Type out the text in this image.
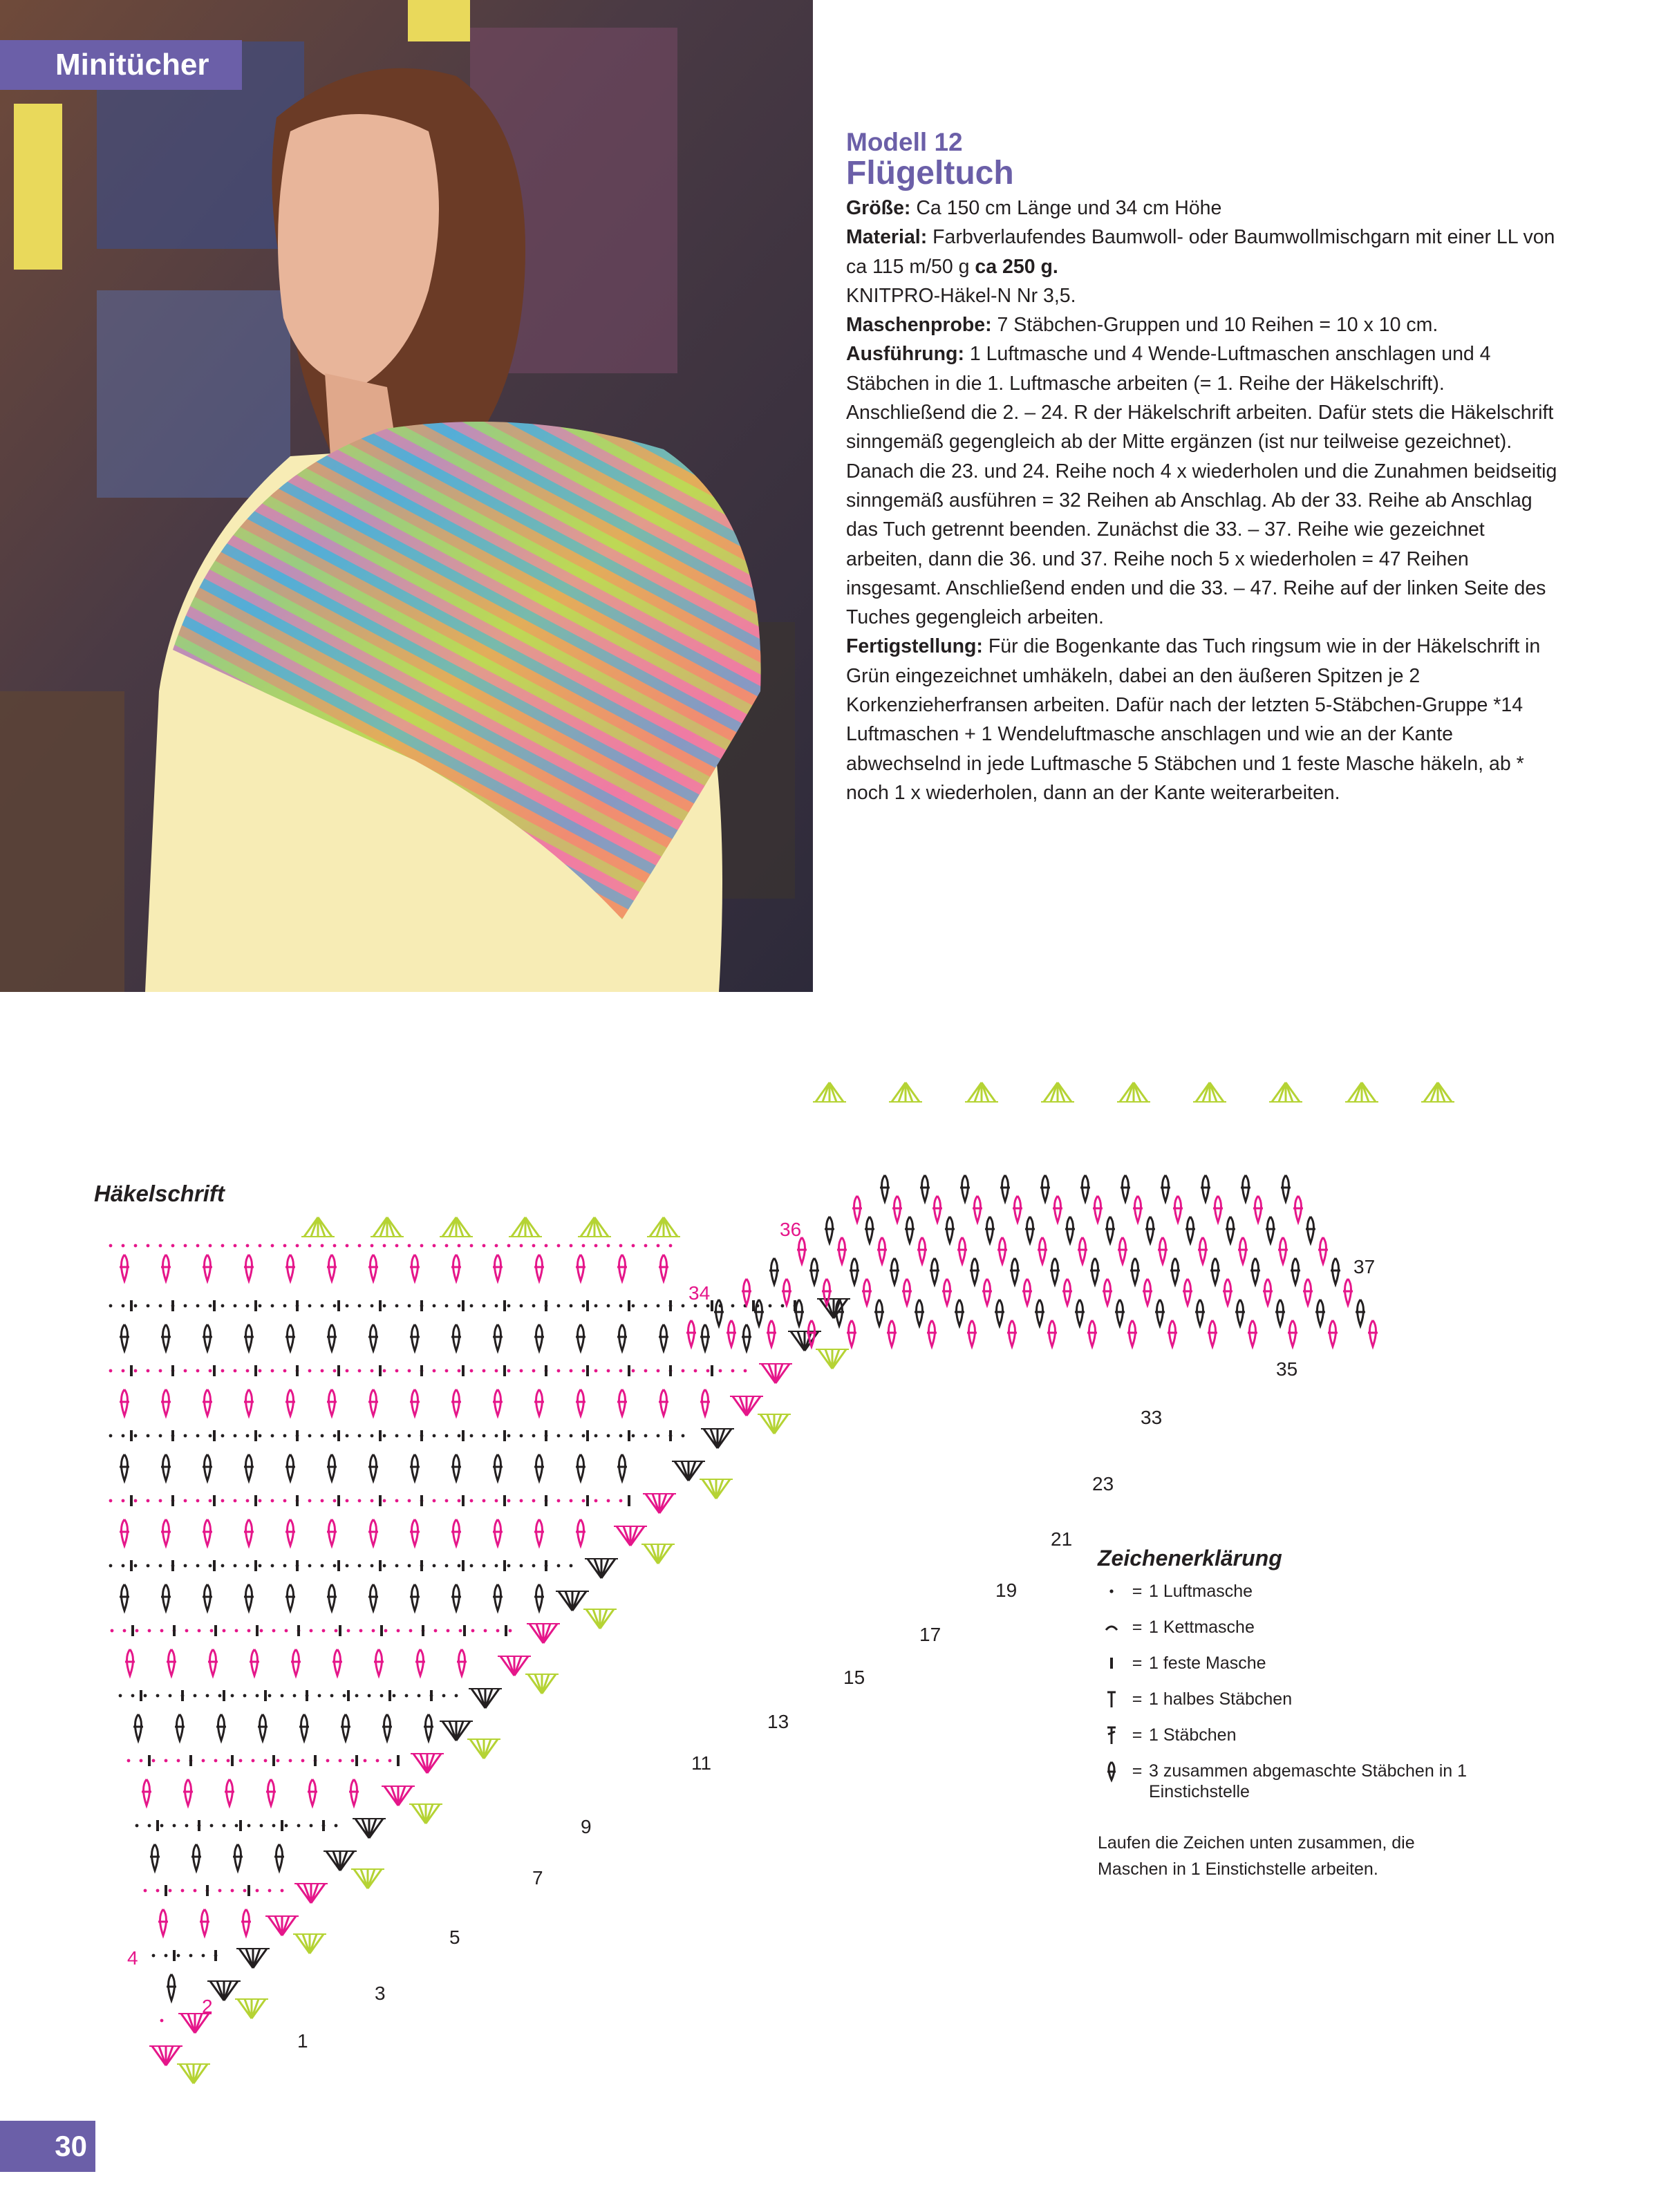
Minitücher
Modell 12
Flügeltuch
Größe: Ca 150 cm Länge und 34 cm Höhe
Material: Farbverlaufendes Baumwoll- oder Baumwollmischgarn mit einer LL von ca 115 m/50 g ca 250 g.
KNITPRO-Häkel-N Nr 3,5.
Maschenprobe: 7 Stäbchen-Gruppen und 10 Reihen = 10 x 10 cm.
Ausführung: 1 Luftmasche und 4 Wende-Luftmaschen anschlagen und 4 Stäbchen in die 1. Luftmasche arbeiten (= 1. Reihe der Häkelschrift). Anschließend die 2. – 24. R der Häkelschrift arbeiten. Dafür stets die Häkelschrift sinngemäß gegengleich ab der Mitte ergänzen (ist nur teilweise gezeichnet). Danach die 23. und 24. Reihe noch 4 x wiederholen und die Zunahmen beidseitig sinngemäß ausführen = 32 Reihen ab Anschlag. Ab der 33. Reihe ab Anschlag das Tuch getrennt beenden. Zunächst die 33. – 37. Reihe wie gezeichnet arbeiten, dann die 36. und 37. Reihe noch 5 x wiederholen = 47 Reihen insgesamt. Anschließend enden und die 33. – 47. Reihe auf der linken Seite des Tuches gegengleich arbeiten.
Fertigstellung: Für die Bogenkante das Tuch ringsum wie in der Häkelschrift in Grün eingezeichnet umhäkeln, dabei an den äußeren Spitzen je 2 Korkenzieherfransen arbeiten. Dafür nach der letzten 5-Stäbchen-Gruppe *14 Luftmaschen + 1 Wendeluftmasche anschlagen und wie an der Kante abwechselnd in jede Luftmasche 5 Stäbchen und 1 feste Masche häkeln, ab * noch 1 x wiederholen, dann an der Kante weiterarbeiten.
Häkelschrift
1
2
3
4
5
7
9
11
13
15
17
19
21
23
33
34
35
36
37
Zeichenerklärung
= 1 Luftmasche
= 1 Kettmasche
= 1 feste Masche
= 1 halbes Stäbchen
= 1 Stäbchen
= 3 zusammen abgemaschte Stäbchen in 1 Einstichstelle
Laufen die Zeichen unten zusammen, die Maschen in 1 Einstichstelle arbeiten.
30
